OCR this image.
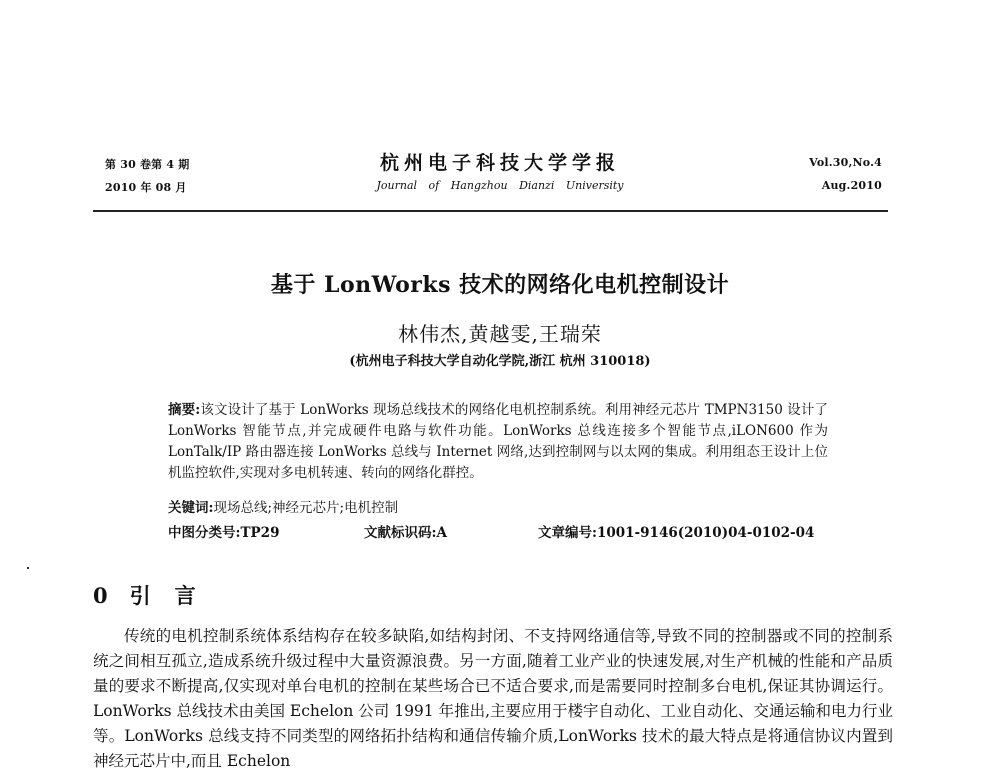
第 30 卷第 4 期
2010 年 08 月
杭州电子科技大学学报
Journal of Hangzhou Dianzi University
Vol.30,No.4
Aug.2010
基于 LonWorks 技术的网络化电机控制设计
林伟杰,黄越雯,王瑞荣
(杭州电子科技大学自动化学院,浙江 杭州 310018)
摘要:该文设计了基于 LonWorks 现场总线技术的网络化电机控制系统。利用神经元芯片 TMPN3150 设计了 LonWorks 智能节点,并完成硬件电路与软件功能。LonWorks 总线连接多个智能节点,iLON600 作为 LonTalk/IP 路由器连接 LonWorks 总线与 Internet 网络,达到控制网与以太网的集成。利用组态王设计上位机监控软件,实现对多电机转速、转向的网络化群控。
关键词:现场总线;神经元芯片;电机控制
中图分类号:TP29	文献标识码:A	文章编号:1001-9146(2010)04-0102-04
0 引言
传统的电机控制系统体系结构存在较多缺陷,如结构封闭、不支持网络通信等,导致不同的控制器或不同的控制系统之间相互孤立,造成系统升级过程中大量资源浪费。另一方面,随着工业产业的快速发展,对生产机械的性能和产品质量的要求不断提高,仅实现对单台电机的控制在某些场合已不适合要求,而是需要同时控制多台电机,保证其协调运行。LonWorks 总线技术由美国 Echelon 公司 1991 年推出,主要应用于楼宇自动化、工业自动化、交通运输和电力行业等。LonWorks 总线支持不同类型的网络拓扑结构和通信传输介质,LonWorks 技术的最大特点是将通信协议内置到神经元芯片中,而且 Echelon
